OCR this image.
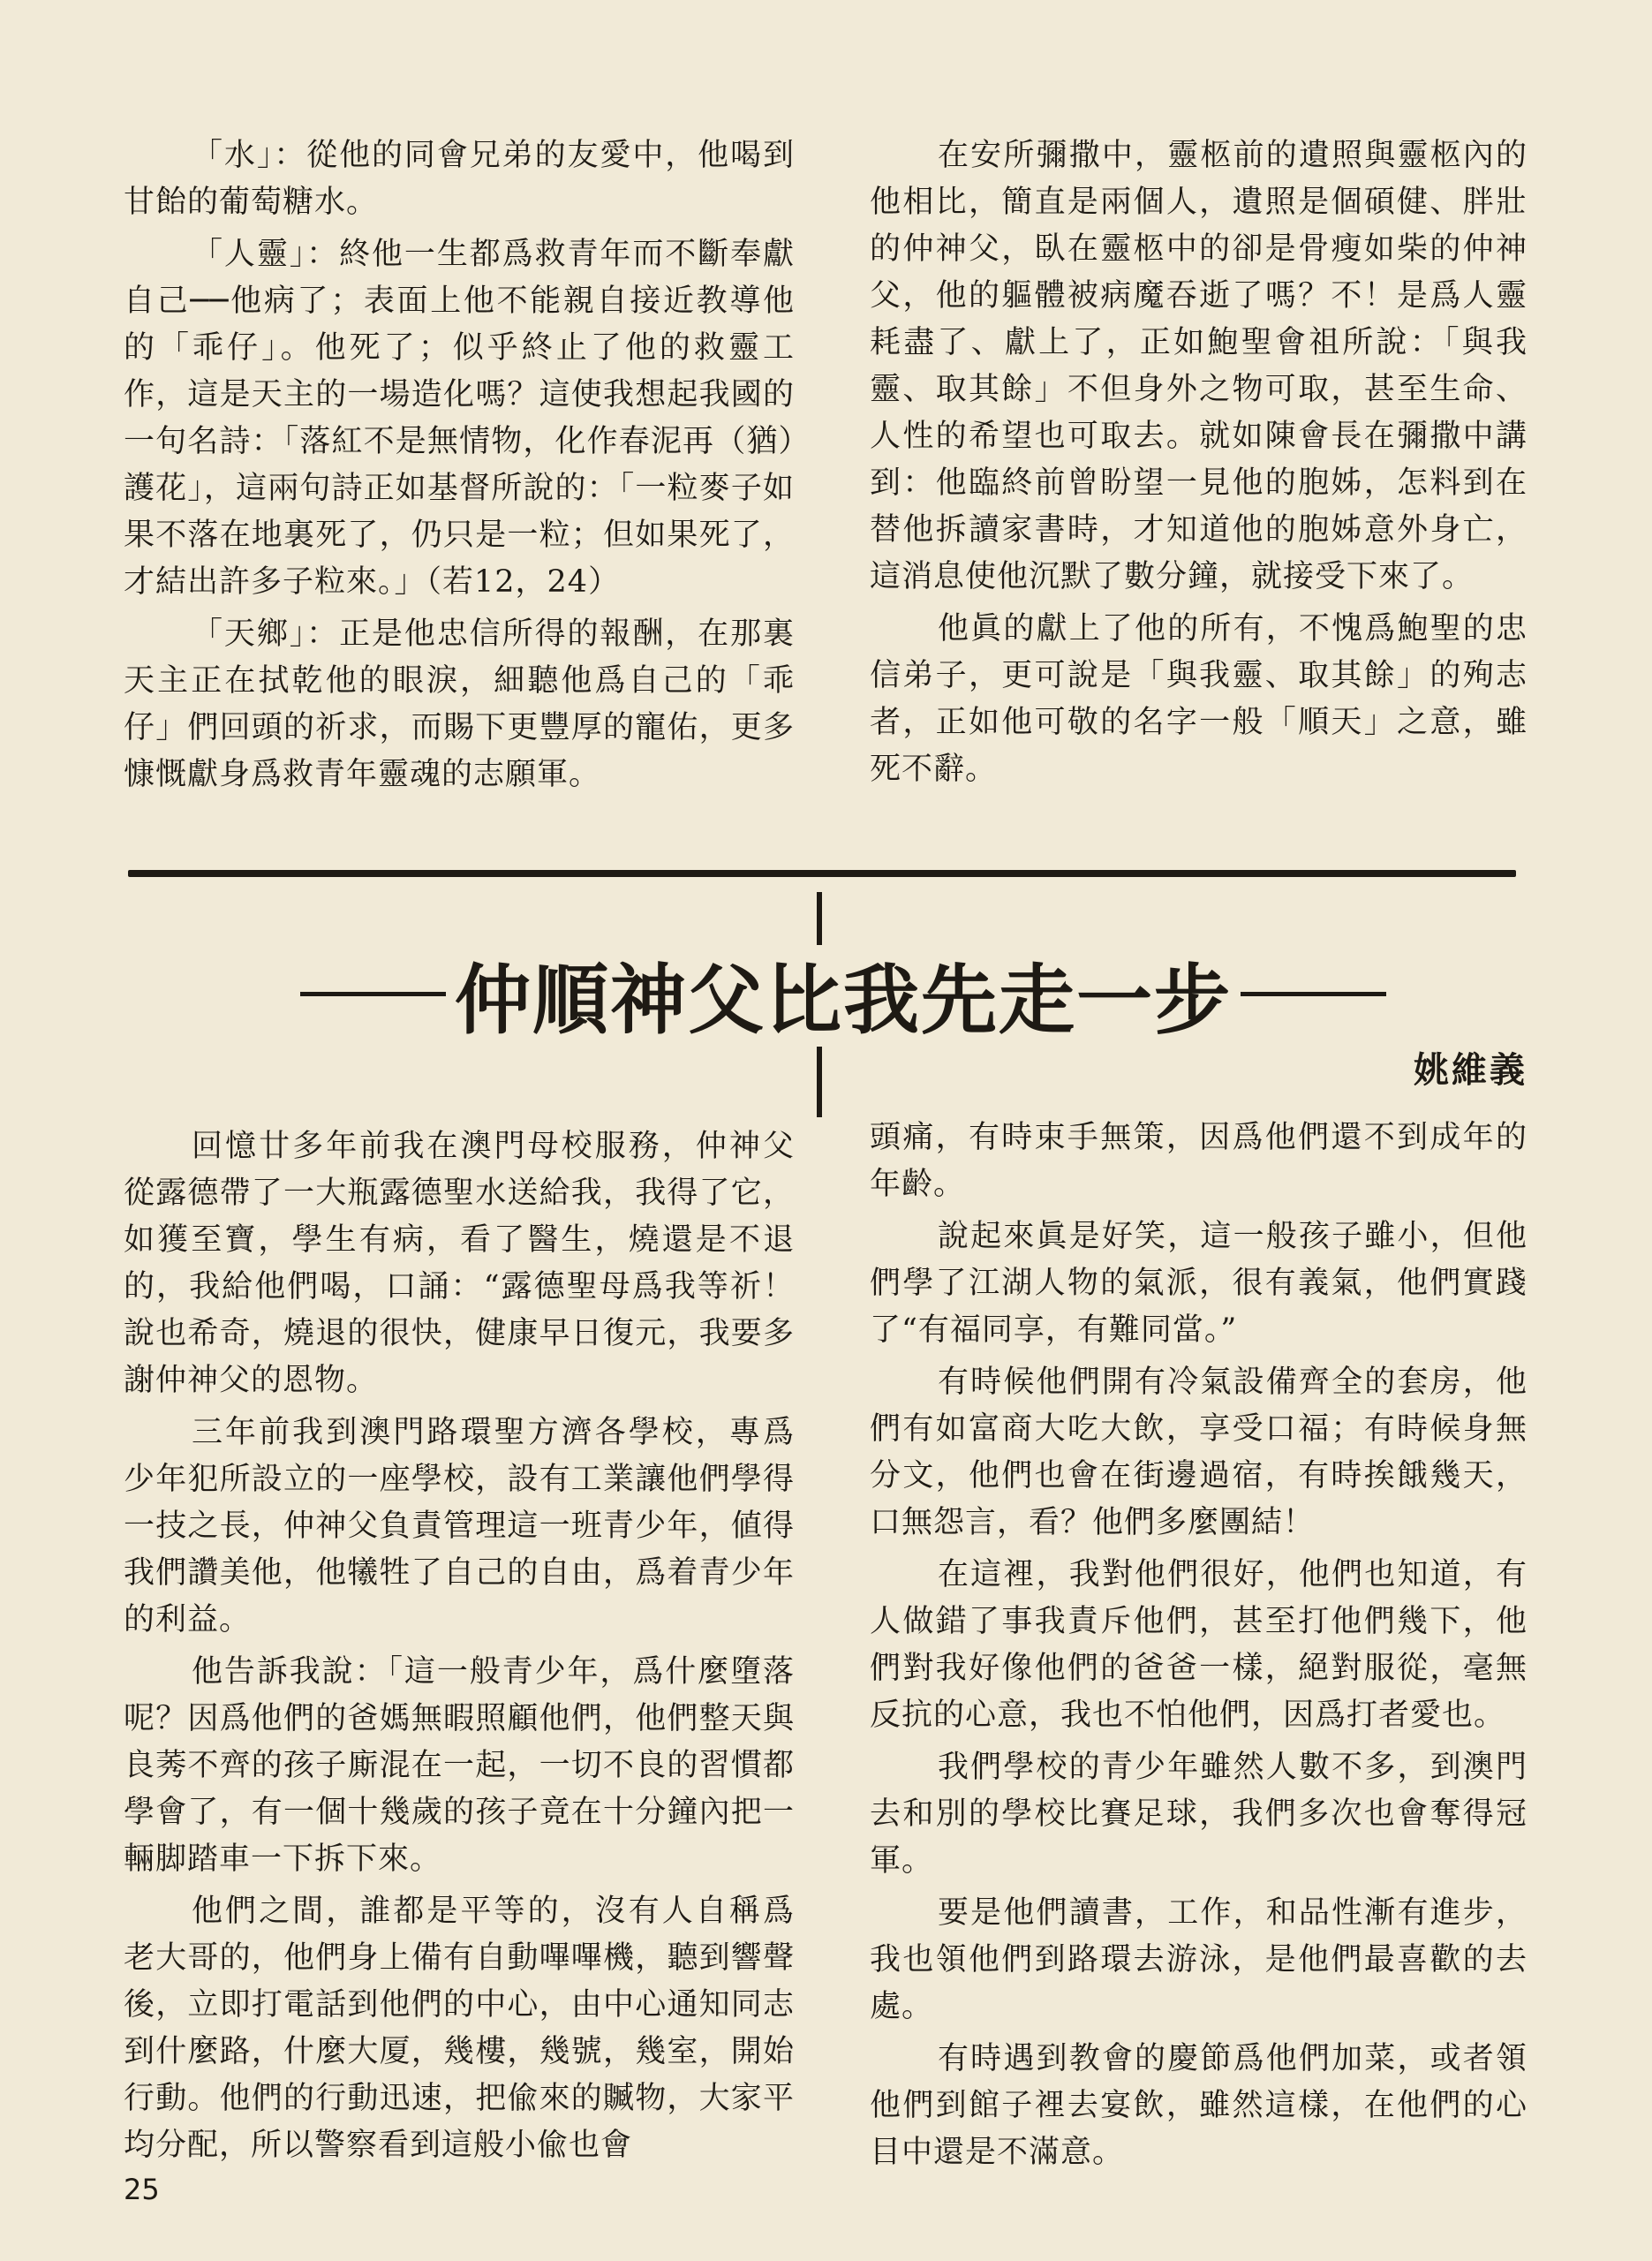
「水」：從他的同會兄弟的友愛中，他喝到甘飴的葡萄糖水。

「人靈」：終他一生都爲救青年而不斷奉獻自己──他病了；表面上他不能親自接近教導他的「乖仔」。他死了；似乎終止了他的救靈工作，這是天主的一場造化嗎？這使我想起我國的一句名詩：「落紅不是無情物，化作春泥再（猶）護花」，這兩句詩正如基督所說的：「一粒麥子如果不落在地裏死了，仍只是一粒；但如果死了，才結出許多子粒來。」（若12，24）

「天鄉」：正是他忠信所得的報酬，在那裏天主正在拭乾他的眼淚，細聽他爲自己的「乖仔」們回頭的祈求，而賜下更豐厚的寵佑，更多慷慨獻身爲救青年靈魂的志願軍。

在安所彌撒中，靈柩前的遺照與靈柩內的他相比，簡直是兩個人，遺照是個碩健、胖壯的仲神父，臥在靈柩中的卻是骨瘦如柴的仲神父，他的軀體被病魔吞逝了嗎？不！是爲人靈耗盡了、獻上了，正如鮑聖會祖所說：「與我靈、取其餘」不但身外之物可取，甚至生命、人性的希望也可取去。就如陳會長在彌撒中講到：他臨終前曾盼望一見他的胞姊，怎料到在替他拆讀家書時，才知道他的胞姊意外身亡，這消息使他沉默了數分鐘，就接受下來了。

他眞的獻上了他的所有，不愧爲鮑聖的忠信弟子，更可說是「與我靈、取其餘」的殉志者，正如他可敬的名字一般「順天」之意，雖死不辭。

仲順神父比我先走一步
姚維義

回憶廿多年前我在澳門母校服務，仲神父從露德帶了一大瓶露德聖水送給我，我得了它，如獲至寶，學生有病，看了醫生，燒還是不退的，我給他們喝，口誦：“露德聖母爲我等祈！說也希奇，燒退的很快，健康早日復元，我要多謝仲神父的恩物。

三年前我到澳門路環聖方濟各學校，專爲少年犯所設立的一座學校，設有工業讓他們學得一技之長，仲神父負責管理這一班青少年，値得我們讚美他，他犧牲了自己的自由，爲着青少年的利益。

他告訴我說：「這一般青少年，爲什麼墮落呢？因爲他們的爸媽無暇照顧他們，他們整天與良莠不齊的孩子廝混在一起，一切不良的習慣都學會了，有一個十幾歲的孩子竟在十分鐘內把一輛脚踏車一下拆下來。

他們之間，誰都是平等的，沒有人自稱爲老大哥的，他們身上備有自動嗶嗶機，聽到響聲後，立即打電話到他們的中心，由中心通知同志到什麼路，什麼大厦，幾樓，幾號，幾室，開始行動。他們的行動迅速，把偸來的贓物，大家平均分配，所以警察看到這般小偸也會

頭痛，有時束手無策，因爲他們還不到成年的年齡。

說起來眞是好笑，這一般孩子雖小，但他們學了江湖人物的氣派，很有義氣，他們實踐了“有福同享，有難同當。”

有時候他們開有冷氣設備齊全的套房，他們有如富商大吃大飲，享受口福；有時候身無分文，他們也會在街邊過宿，有時挨餓幾天，口無怨言，看？他們多麼團結！

在這裡，我對他們很好，他們也知道，有人做錯了事我責斥他們，甚至打他們幾下，他們對我好像他們的爸爸一樣，絕對服從，毫無反抗的心意，我也不怕他們，因爲打者愛也。

我們學校的青少年雖然人數不多，到澳門去和別的學校比賽足球，我們多次也會奪得冠軍。

要是他們讀書，工作，和品性漸有進步，我也領他們到路環去游泳，是他們最喜歡的去處。

有時遇到教會的慶節爲他們加菜，或者領他們到館子裡去宴飲，雖然這樣，在他們的心目中還是不滿意。

25
